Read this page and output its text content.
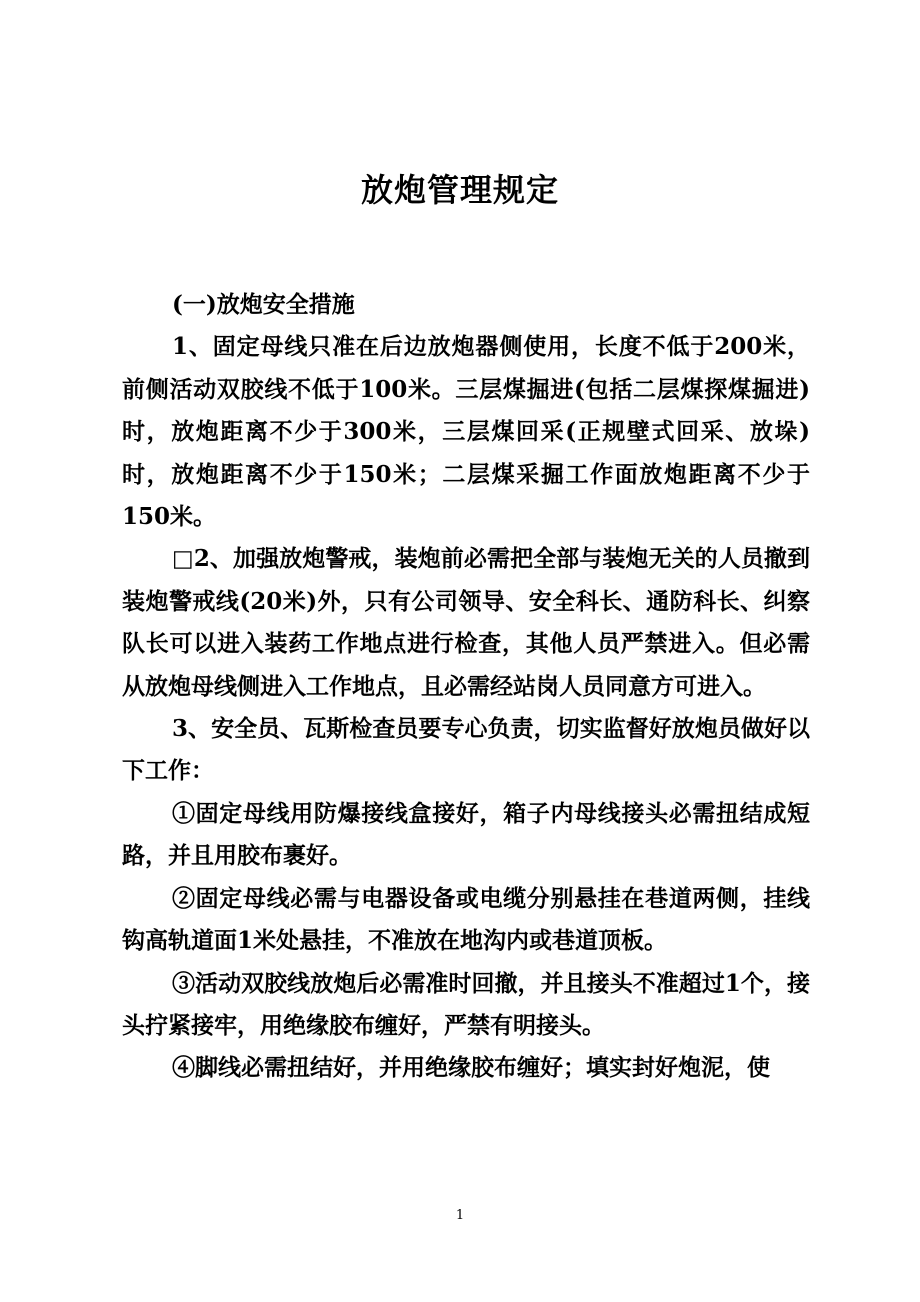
放炮管理规定

(一)放炮安全措施

1、固定母线只准在后边放炮器侧使用，长度不低于200米，前侧活动双胶线不低于100米。三层煤掘进(包括二层煤探煤掘进)时，放炮距离不少于300米，三层煤回采(正规壁式回采、放垛)时，放炮距离不少于150米；二层煤采掘工作面放炮距离不少于150米。

□2、加强放炮警戒，装炮前必需把全部与装炮无关的人员撤到装炮警戒线(20米)外，只有公司领导、安全科长、通防科长、纠察队长可以进入装药工作地点进行检查，其他人员严禁进入。但必需从放炮母线侧进入工作地点，且必需经站岗人员同意方可进入。

3、安全员、瓦斯检查员要专心负责，切实监督好放炮员做好以下工作：

①固定母线用防爆接线盒接好，箱子内母线接头必需扭结成短路，并且用胶布裹好。

②固定母线必需与电器设备或电缆分别悬挂在巷道两侧，挂线钩高轨道面1米处悬挂，不准放在地沟内或巷道顶板。

③活动双胶线放炮后必需准时回撤，并且接头不准超过1个，接头拧紧接牢，用绝缘胶布缠好，严禁有明接头。

④脚线必需扭结好，并用绝缘胶布缠好；填实封好炮泥，使

1
